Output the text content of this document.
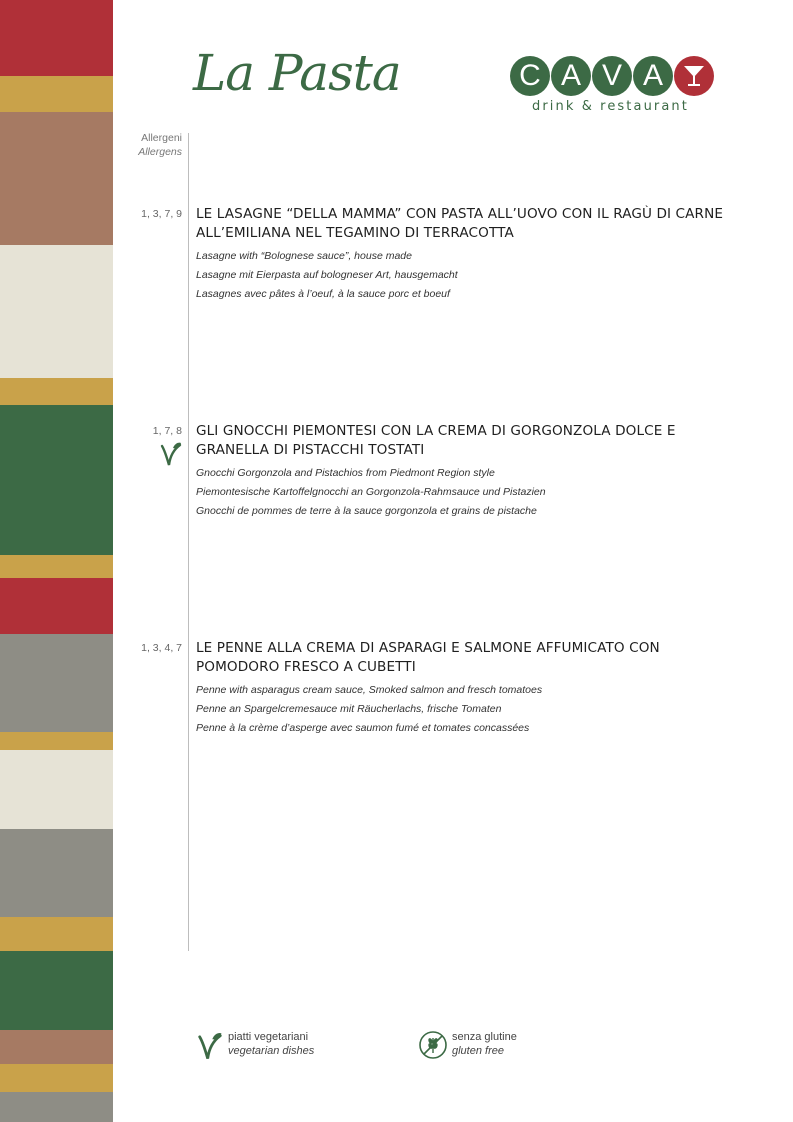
La Pasta	C A V A
drink & restaurant
Allergeni
Allergens
1, 3, 7, 9 LE LASAGNE “DELLA MAMMA” CON PASTA ALL’UOVO CON IL RAGÙ DI CARNE ALL’EMILIANA NEL TEGAMINO DI TERRACOTTA
Lasagne with “Bolognese sauce”, house made
Lasagne mit Eierpasta auf bologneser Art, hausgemacht
Lasagnes avec pâtes à l’oeuf, à la sauce porc et boeuf
1, 7, 8 GLI GNOCCHI PIEMONTESI CON LA CREMA DI GORGONZOLA DOLCE E GRANELLA DI PISTACCHI TOSTATI
Gnocchi Gorgonzola and Pistachios from Piedmont Region style
Piemontesische Kartoffelgnocchi an Gorgonzola-Rahmsauce und Pistazien
Gnocchi de pommes de terre à la sauce gorgonzola et grains de pistache
1, 3, 4, 7 LE PENNE ALLA CREMA DI ASPARAGI E SALMONE AFFUMICATO CON POMODORO FRESCO A CUBETTI
Penne with asparagus cream sauce, Smoked salmon and fresch tomatoes
Penne an Spargelcremesauce mit Räucherlachs, frische Tomaten
Penne à la crème d’asperge avec saumon fumé et tomates concassées
piatti vegetariani
vegetarian dishes
senza glutine
gluten free
